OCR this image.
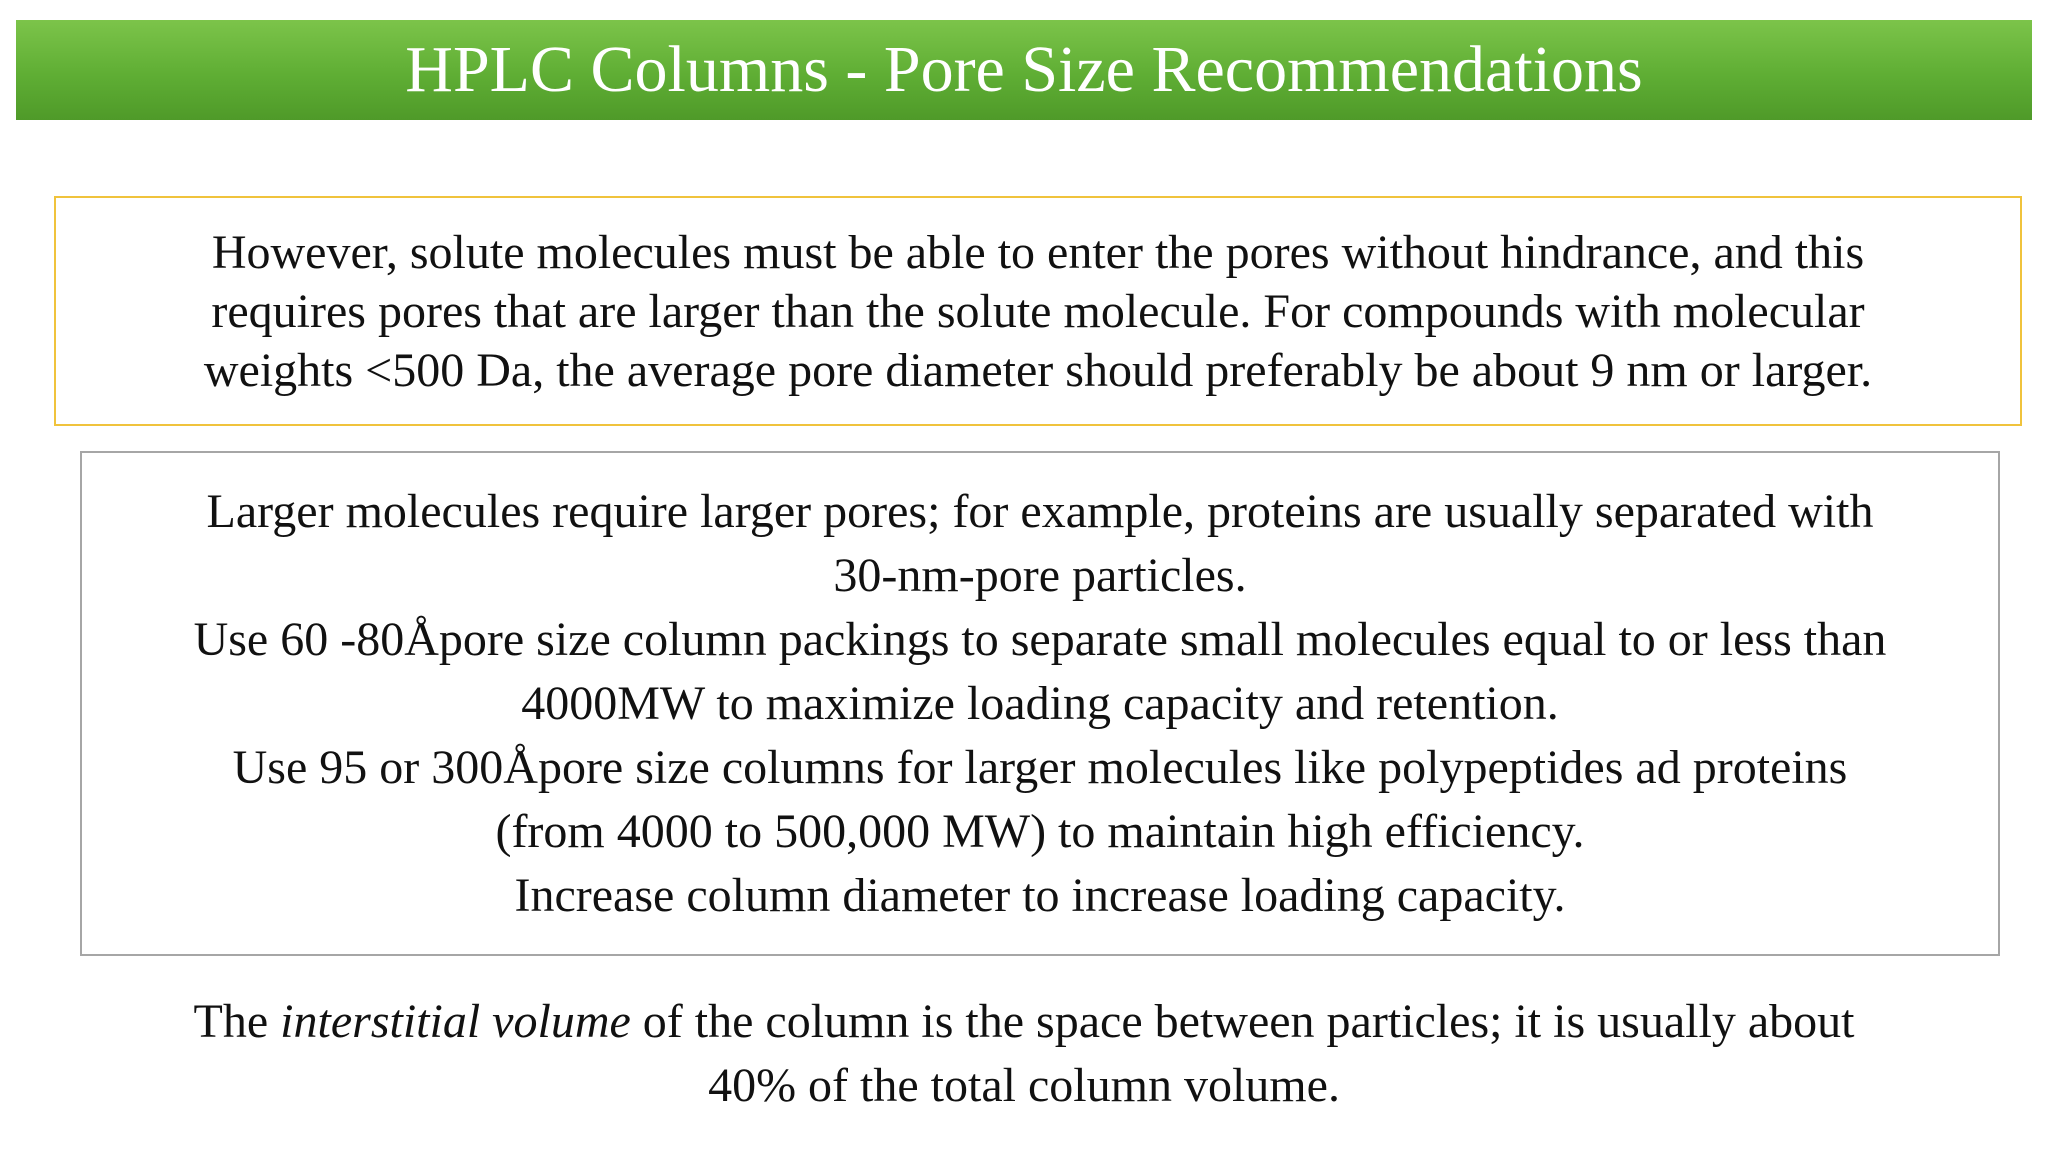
HPLC Columns - Pore Size Recommendations
However, solute molecules must be able to enter the pores without hindrance, and this
requires pores that are larger than the solute molecule. For compounds with molecular
weights <500 Da, the average pore diameter should preferably be about 9 nm or larger.
Larger molecules require larger pores; for example, proteins are usually separated with
30-nm-pore particles.
Use 60 -80Åpore size column packings to separate small molecules equal to or less than
4000MW to maximize loading capacity and retention.
Use 95 or 300Åpore size columns for larger molecules like polypeptides ad proteins
(from 4000 to 500,000 MW) to maintain high efficiency.
Increase column diameter to increase loading capacity.
The interstitial volume of the column is the space between particles; it is usually about
40% of the total column volume.
